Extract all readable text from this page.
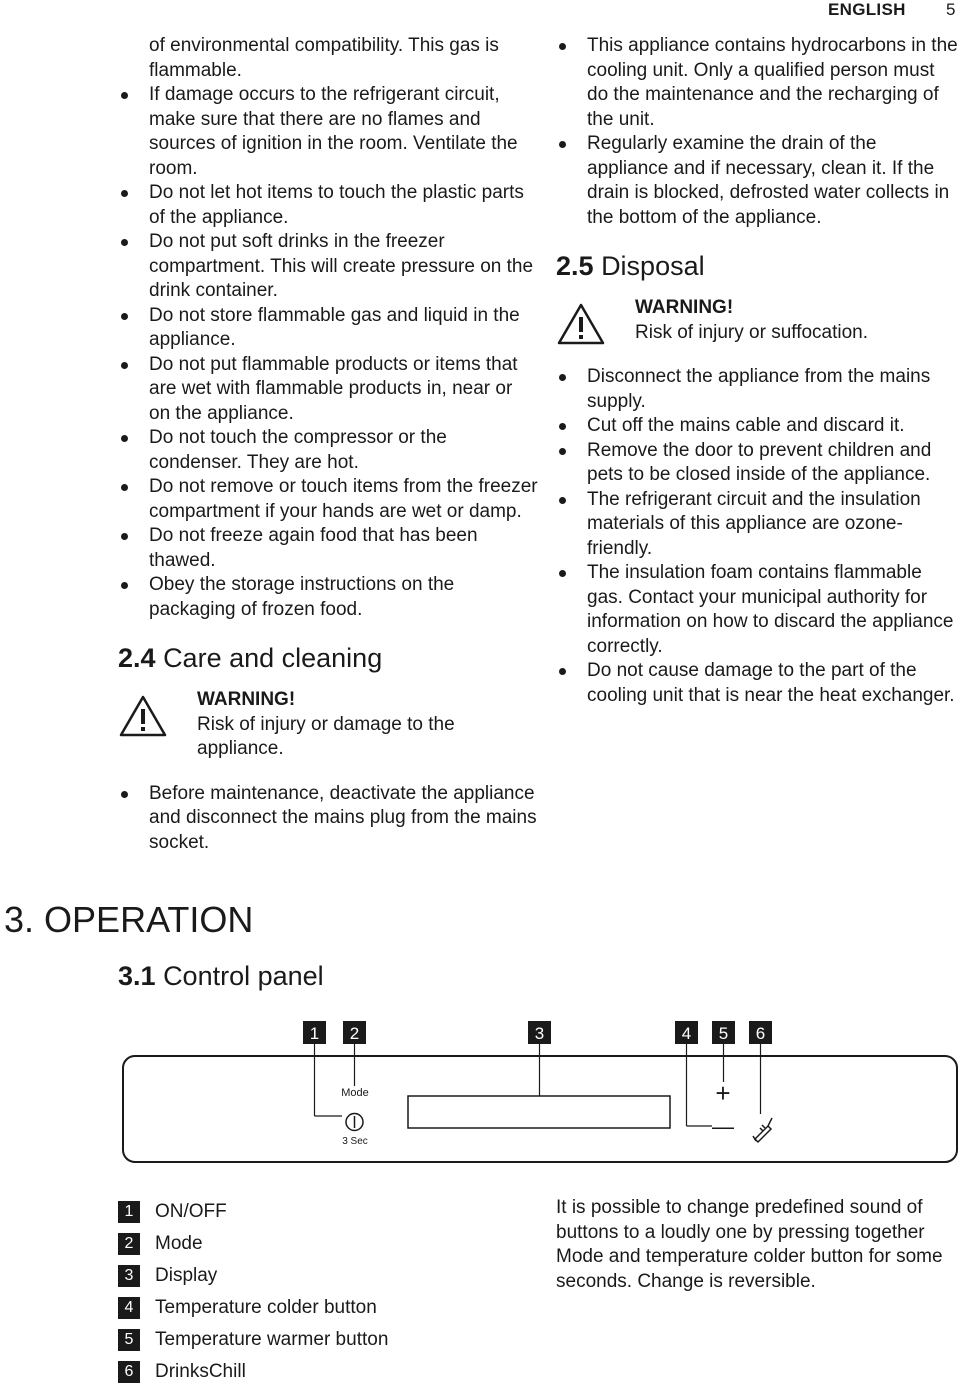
ENGLISH 5
of environmental compatibility. This gas is flammable.
If damage occurs to the refrigerant circuit, make sure that there are no flames and sources of ignition in the room. Ventilate the room.
Do not let hot items to touch the plastic parts of the appliance.
Do not put soft drinks in the freezer compartment. This will create pressure on the drink container.
Do not store flammable gas and liquid in the appliance.
Do not put flammable products or items that are wet with flammable products in, near or on the appliance.
Do not touch the compressor or the condenser. They are hot.
Do not remove or touch items from the freezer compartment if your hands are wet or damp.
Do not freeze again food that has been thawed.
Obey the storage instructions on the packaging of frozen food.
2.4 Care and cleaning
WARNING!
Risk of injury or damage to the appliance.
Before maintenance, deactivate the appliance and disconnect the mains plug from the mains socket.
This appliance contains hydrocarbons in the cooling unit. Only a qualified person must do the maintenance and the recharging of the unit.
Regularly examine the drain of the appliance and if necessary, clean it. If the drain is blocked, defrosted water collects in the bottom of the appliance.
2.5 Disposal
WARNING!
Risk of injury or suffocation.
Disconnect the appliance from the mains supply.
Cut off the mains cable and discard it.
Remove the door to prevent children and pets to be closed inside of the appliance.
The refrigerant circuit and the insulation materials of this appliance are ozone-friendly.
The insulation foam contains flammable gas. Contact your municipal authority for information on how to discard the appliance correctly.
Do not cause damage to the part of the cooling unit that is near the heat exchanger.
3. OPERATION
3.1 Control panel
1 2	3	4 5 6
Mode
3 Sec
+
—
1	ON/OFF
2	Mode
3	Display
4	Temperature colder button
5	Temperature warmer button
6	DrinksChill
It is possible to change predefined sound of buttons to a loudly one by pressing together Mode and temperature colder button for some seconds. Change is reversible.
